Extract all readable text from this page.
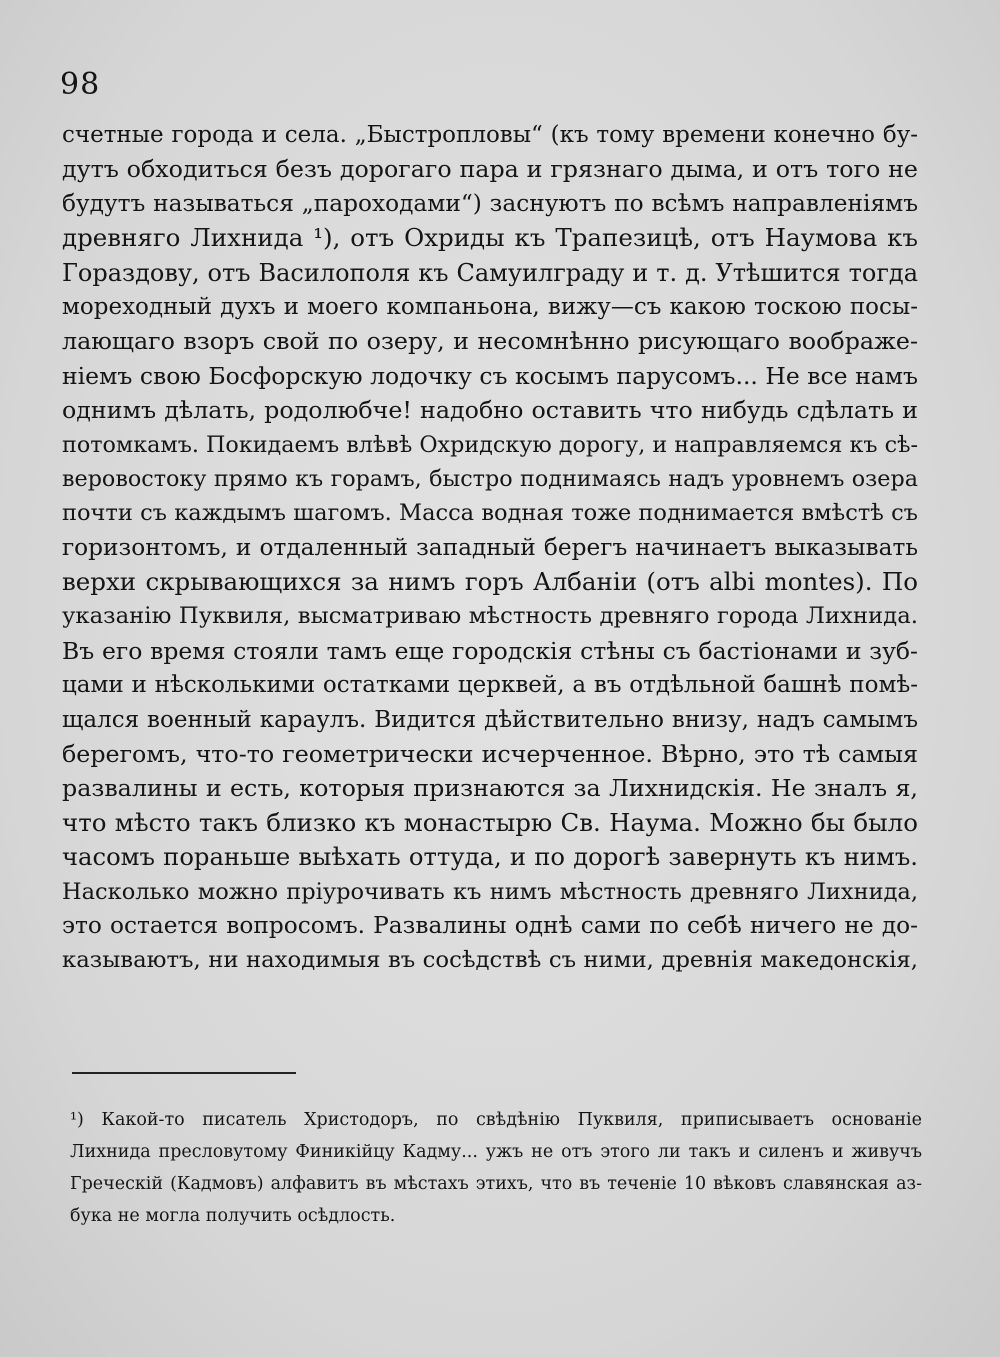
98
счетные города и села. „Быстропловы“ (къ тому времени конечно бу-
дутъ обходиться безъ дорогаго пара и грязнаго дыма, и отъ того не
будутъ называться „пароходами“) заснуютъ по всѣмъ направленіямъ
древняго Лихнида ¹), отъ Охриды къ Трапезицѣ, отъ Наумова къ
Гораздову, отъ Василополя къ Самуилграду и т. д. Утѣшится тогда
мореходный духъ и моего компаньона, вижу—съ какою тоскою посы-
лающаго взоръ свой по озеру, и несомнѣнно рисующаго воображе-
ніемъ свою Босфорскую лодочку съ косымъ парусомъ... Не все намъ
однимъ дѣлать, родолюбче! надобно оставить что нибудь сдѣлать и
потомкамъ. Покидаемъ влѣвѣ Охридскую дорогу, и направляемся къ сѣ-
веровостоку прямо къ горамъ, быстро поднимаясь надъ уровнемъ озера
почти съ каждымъ шагомъ. Масса водная тоже поднимается вмѣстѣ съ
горизонтомъ, и отдаленный западный берегъ начинаетъ выказывать
верхи скрывающихся за нимъ горъ Албаніи (отъ albi montes). По
указанію Пуквиля, высматриваю мѣстность древняго города Лихнида.
Въ его время стояли тамъ еще городскія стѣны съ бастіонами и зуб-
цами и нѣсколькими остатками церквей, а въ отдѣльной башнѣ помѣ-
щался военный караулъ. Видится дѣйствительно внизу, надъ самымъ
берегомъ, что-то геометрически исчерченное. Вѣрно, это тѣ самыя
развалины и есть, которыя признаются за Лихнидскія. Не зналъ я,
что мѣсто такъ близко къ монастырю Св. Наума. Можно бы было
часомъ пораньше выѣхать оттуда, и по дорогѣ завернуть къ нимъ.
Насколько можно пріурочивать къ нимъ мѣстность древняго Лихнида,
это остается вопросомъ. Развалины однѣ сами по себѣ ничего не до-
казываютъ, ни находимыя въ сосѣдствѣ съ ними, древнія македонскія,
¹) Какой-то писатель Христодоръ, по свѣдѣнію Пуквиля, приписываетъ основаніе
Лихнида пресловутому Финикійцу Кадму... ужъ не отъ этого ли такъ и силенъ и живучъ
Греческій (Кадмовъ) алфавитъ въ мѣстахъ этихъ, что въ теченіе 10 вѣковъ славянская аз-
бука не могла получить осѣдлость.
